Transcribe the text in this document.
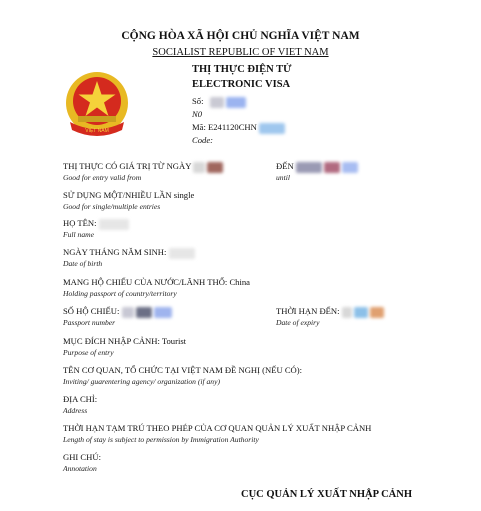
CỘNG HÒA XÃ HỘI CHỦ NGHĨA VIỆT NAM
SOCIALIST REPUBLIC OF VIET NAM
THỊ THỰC ĐIỆN TỬ
ELECTRONIC VISA
VIỆT NAM
Số:
N0
Mã: E241120CHN
Code:
THỊ THỰC CÓ GIÁ TRỊ TỪ NGÀY
Good for entry valid from
ĐẾN
until
SỬ DỤNG MỘT/NHIỀU LẦN single
Good for single/multiple entries
HỌ TÊN:
Full name
NGÀY THÁNG NĂM SINH:
Date of birth
MANG HỘ CHIẾU CỦA NƯỚC/LÃNH THỔ: China
Holding passport of country/territory
SỐ HỘ CHIẾU:
Passport number
THỜI HẠN ĐẾN:
Date of expiry
MỤC ĐÍCH NHẬP CẢNH: Tourist
Purpose of entry
TÊN CƠ QUAN, TỔ CHỨC TẠI VIỆT NAM ĐỀ NGHỊ (NẾU CÓ):
Inviting/ guarentering agency/ organization (if any)
ĐỊA CHỈ:
Address
THỜI HẠN TẠM TRÚ THEO PHÉP CỦA CƠ QUAN QUẢN LÝ XUẤT NHẬP CẢNH
Length of stay is subject to permission by Immigration Authority
GHI CHÚ:
Annotation
CỤC QUẢN LÝ XUẤT NHẬP CẢNH
